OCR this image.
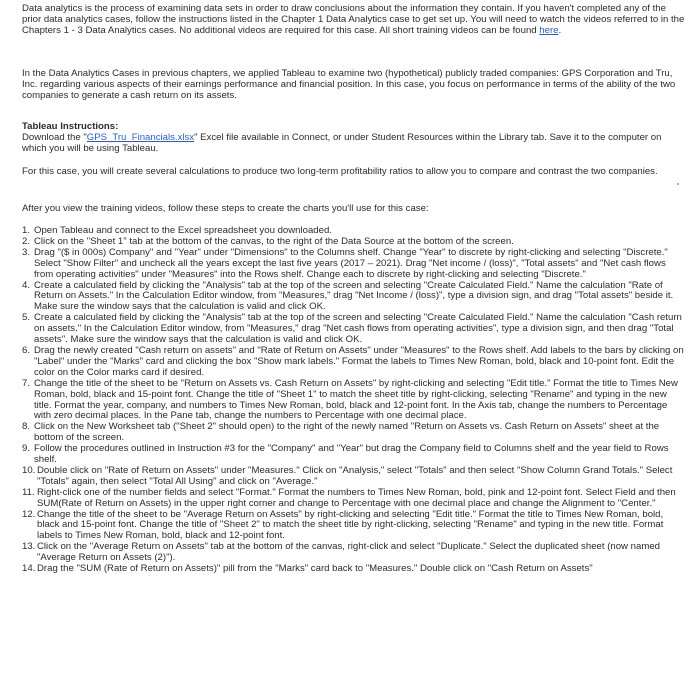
Data analytics is the process of examining data sets in order to draw conclusions about the information they contain. If you haven't completed any of the prior data analytics cases, follow the instructions listed in the Chapter 1 Data Analytics case to get set up. You will need to watch the videos referred to in the Chapters 1 - 3 Data Analytics cases. No additional videos are required for this case. All short training videos can be found here.

In the Data Analytics Cases in previous chapters, we applied Tableau to examine two (hypothetical) publicly traded companies: GPS Corporation and Tru, Inc. regarding various aspects of their earnings performance and financial position. In this case, you focus on performance in terms of the ability of the two companies to generate a cash return on its assets.

Tableau Instructions:
Download the "GPS_Tru_Financials.xlsx" Excel file available in Connect, or under Student Resources within the Library tab. Save it to the computer on which you will be using Tableau.

For this case, you will create several calculations to produce two long-term profitability ratios to allow you to compare and contrast the two companies.

After you view the training videos, follow these steps to create the charts you'll use for this case:

1. Open Tableau and connect to the Excel spreadsheet you downloaded.
2. Click on the "Sheet 1" tab at the bottom of the canvas, to the right of the Data Source at the bottom of the screen.
3. Drag "($ in 000s) Company" and "Year" under "Dimensions" to the Columns shelf. Change "Year" to discrete by right-clicking and selecting "Discrete." Select "Show Filter" and uncheck all the years except the last five years (2017 – 2021). Drag "Net income / (loss)", "Total assets" and "Net cash flows from operating activities" under "Measures" into the Rows shelf. Change each to discrete by right-clicking and selecting "Discrete."
4. Create a calculated field by clicking the "Analysis" tab at the top of the screen and selecting "Create Calculated Field." Name the calculation "Rate of Return on Assets." In the Calculation Editor window, from "Measures," drag "Net Income / (loss)", type a division sign, and drag "Total assets" beside it. Make sure the window says that the calculation is valid and click OK.
5. Create a calculated field by clicking the "Analysis" tab at the top of the screen and selecting "Create Calculated Field." Name the calculation "Cash return on assets." In the Calculation Editor window, from "Measures," drag "Net cash flows from operating activities", type a division sign, and then drag "Total assets". Make sure the window says that the calculation is valid and click OK.
6. Drag the newly created "Cash return on assets" and "Rate of Return on Assets" under "Measures" to the Rows shelf. Add labels to the bars by clicking on "Label" under the "Marks" card and clicking the box "Show mark labels." Format the labels to Times New Roman, bold, black and 10-point font. Edit the color on the Color marks card if desired.
7. Change the title of the sheet to be "Return on Assets vs. Cash Return on Assets" by right-clicking and selecting "Edit title." Format the title to Times New Roman, bold, black and 15-point font. Change the title of "Sheet 1" to match the sheet title by right-clicking, selecting "Rename" and typing in the new title. Format the year, company, and numbers to Times New Roman, bold, black and 12-point font. In the Axis tab, change the numbers to Percentage with zero decimal places. In the Pane tab, change the numbers to Percentage with one decimal place.
8. Click on the New Worksheet tab ("Sheet 2" should open) to the right of the newly named "Return on Assets vs. Cash Return on Assets" sheet at the bottom of the screen.
9. Follow the procedures outlined in Instruction #3 for the "Company" and "Year" but drag the Company field to Columns shelf and the year field to Rows shelf.
10. Double click on "Rate of Return on Assets" under "Measures." Click on "Analysis," select "Totals" and then select "Show Column Grand Totals." Select "Totals" again, then select "Total All Using" and click on "Average."
11. Right-click one of the number fields and select "Format." Format the numbers to Times New Roman, bold, pink and 12-point font. Select Field and then SUM(Rate of Return on Assets) in the upper right corner and change to Percentage with one decimal place and change the Alignment to "Center."
12. Change the title of the sheet to be "Average Return on Assets" by right-clicking and selecting "Edit title." Format the title to Times New Roman, bold, black and 15-point font. Change the title of "Sheet 2" to match the sheet title by right-clicking, selecting "Rename" and typing in the new title. Format labels to Times New Roman, bold, black and 12-point font.
13. Click on the "Average Return on Assets" tab at the bottom of the canvas, right-click and select "Duplicate." Select the duplicated sheet (now named "Average Return on Assets (2)").
14. Drag the "SUM (Rate of Return on Assets)" pill from the "Marks" card back to "Measures." Double click on "Cash Return on Assets"
